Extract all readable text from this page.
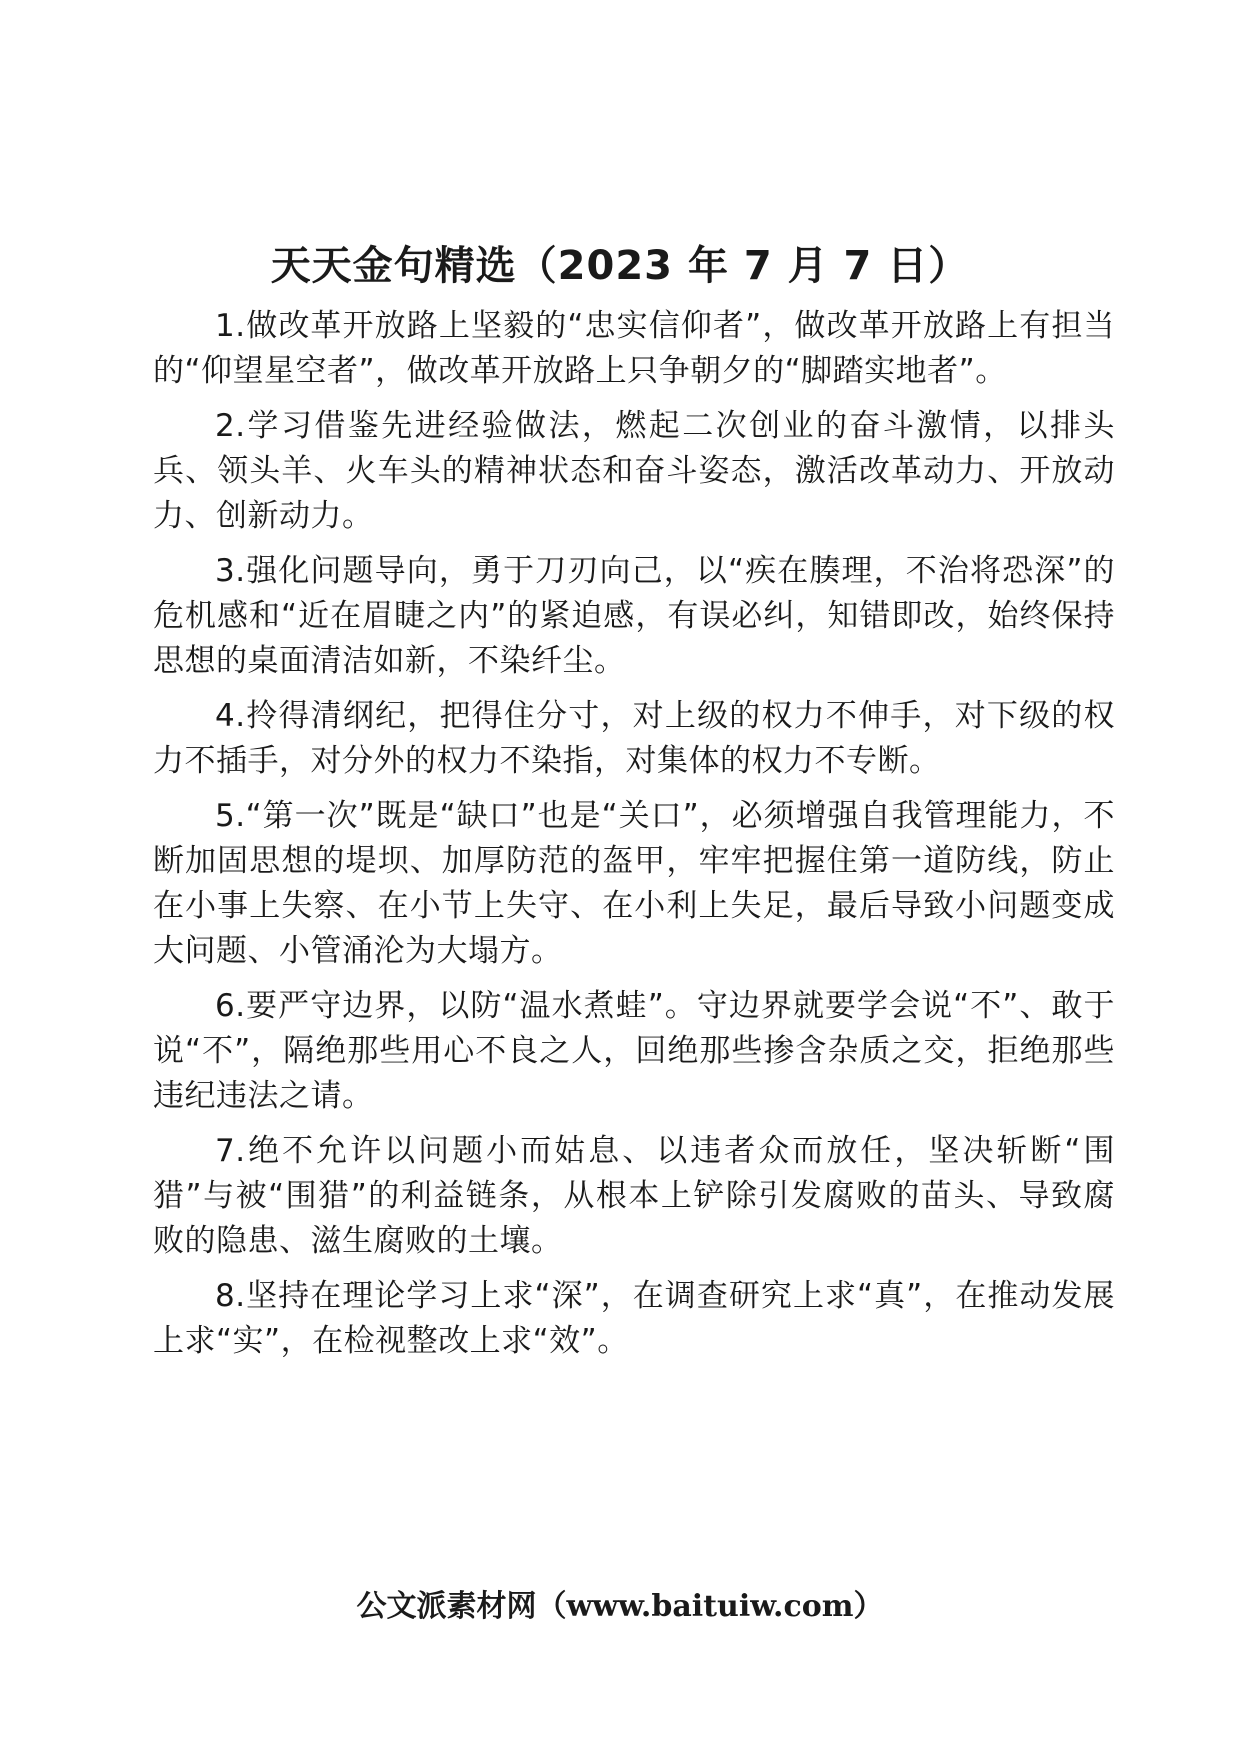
天天金句精选（2023 年 7 月 7 日）

1.做改革开放路上坚毅的“忠实信仰者”，做改革开放路上有担当的“仰望星空者”，做改革开放路上只争朝夕的“脚踏实地者”。

2.学习借鉴先进经验做法，燃起二次创业的奋斗激情，以排头兵、领头羊、火车头的精神状态和奋斗姿态，激活改革动力、开放动力、创新动力。

3.强化问题导向，勇于刀刃向己，以“疾在腠理，不治将恐深”的危机感和“近在眉睫之内”的紧迫感，有误必纠，知错即改，始终保持思想的桌面清洁如新，不染纤尘。

4.拎得清纲纪，把得住分寸，对上级的权力不伸手，对下级的权力不插手，对分外的权力不染指，对集体的权力不专断。

5.“第一次”既是“缺口”也是“关口”，必须增强自我管理能力，不断加固思想的堤坝、加厚防范的盔甲，牢牢把握住第一道防线，防止在小事上失察、在小节上失守、在小利上失足，最后导致小问题变成大问题、小管涌沦为大塌方。

6.要严守边界，以防“温水煮蛙”。守边界就要学会说“不”、敢于说“不”，隔绝那些用心不良之人，回绝那些掺含杂质之交，拒绝那些违纪违法之请。

7.绝不允许以问题小而姑息、以违者众而放任，坚决斩断“围猎”与被“围猎”的利益链条，从根本上铲除引发腐败的苗头、导致腐败的隐患、滋生腐败的土壤。

8.坚持在理论学习上求“深”，在调查研究上求“真”，在推动发展上求“实”，在检视整改上求“效”。

公文派素材网（www.baituiw.com）
